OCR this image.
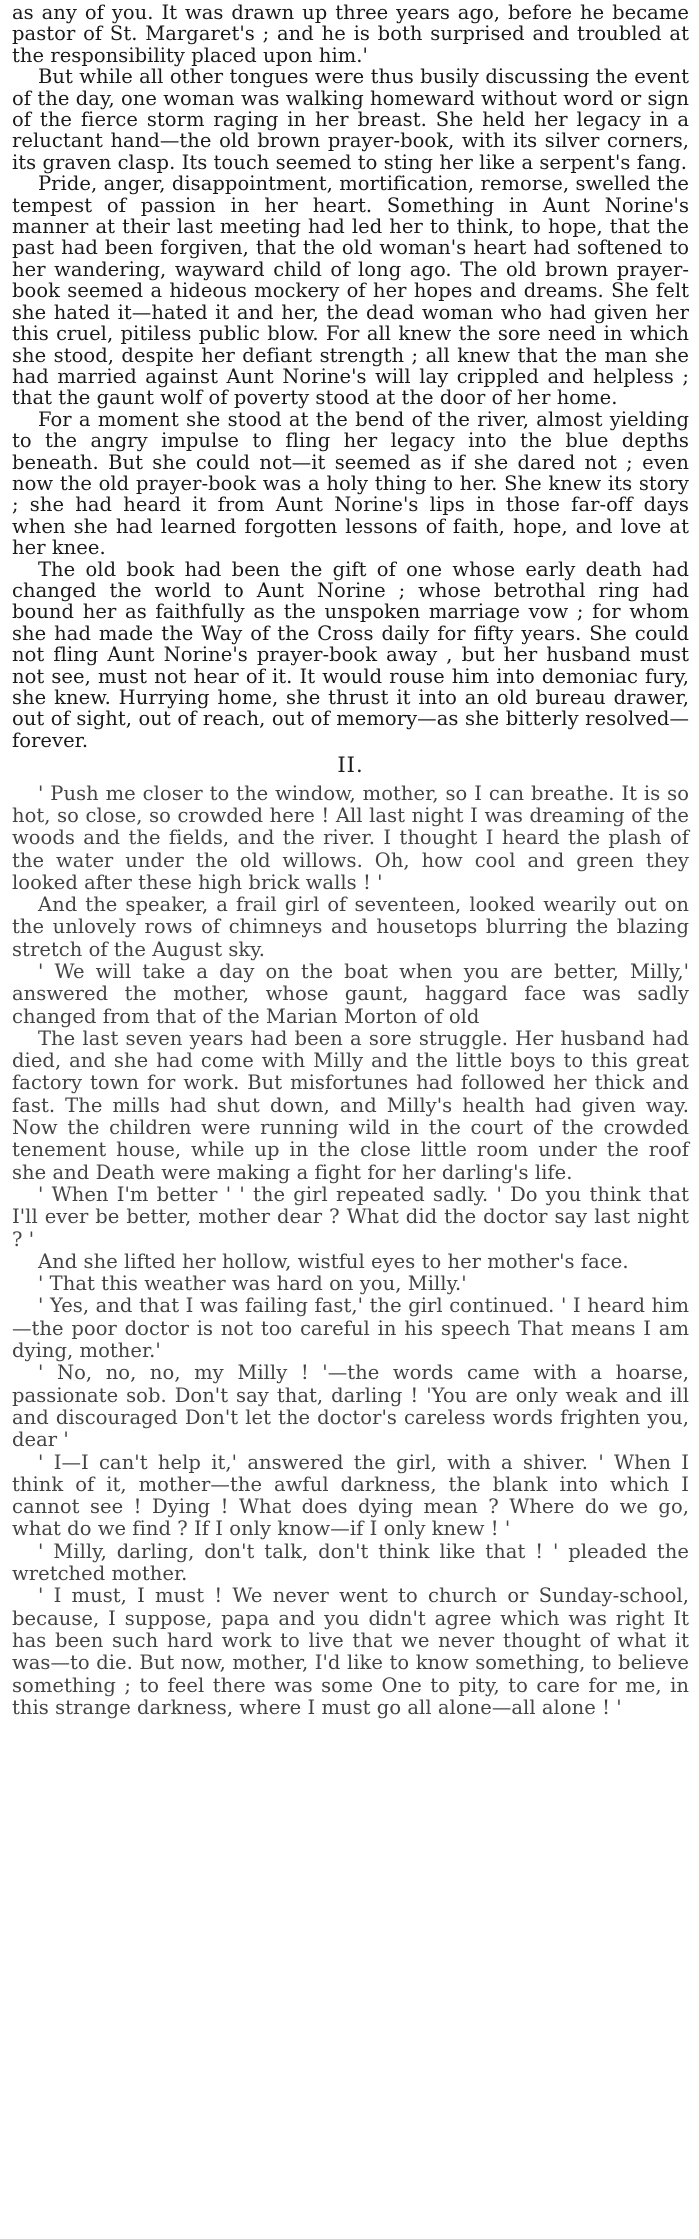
as any of you. It was drawn up three years ago, before he became pastor of St. Margaret's ; and he is both surprised and troubled at the responsibility placed upon him.'

But while all other tongues were thus busily discussing the event of the day, one woman was walking homeward without word or sign of the fierce storm raging in her breast. She held her legacy in a reluctant hand—the old brown prayer-book, with its silver corners, its graven clasp. Its touch seemed to sting her like a serpent's fang.

Pride, anger, disappointment, mortification, remorse, swelled the tempest of passion in her heart. Something in Aunt Norine's manner at their last meeting had led her to think, to hope, that the past had been forgiven, that the old woman's heart had softened to her wandering, wayward child of long ago. The old brown prayer-book seemed a hideous mockery of her hopes and dreams. She felt she hated it—hated it and her, the dead woman who had given her this cruel, pitiless public blow. For all knew the sore need in which she stood, despite her defiant strength ; all knew that the man she had married against Aunt Norine's will lay crippled and helpless ; that the gaunt wolf of poverty stood at the door of her home.

For a moment she stood at the bend of the river, almost yielding to the angry impulse to fling her legacy into the blue depths beneath. But she could not—it seemed as if she dared not ; even now the old prayer-book was a holy thing to her. She knew its story ; she had heard it from Aunt Norine's lips in those far-off days when she had learned forgotten lessons of faith, hope, and love at her knee.

The old book had been the gift of one whose early death had changed the world to Aunt Norine ; whose betrothal ring had bound her as faithfully as the unspoken marriage vow ; for whom she had made the Way of the Cross daily for fifty years. She could not fling Aunt Norine's prayer-book away , but her husband must not see, must not hear of it. It would rouse him into demoniac fury, she knew. Hurrying home, she thrust it into an old bureau drawer, out of sight, out of reach, out of memory—as she bitterly resolved—forever.

II.

' Push me closer to the window, mother, so I can breathe. It is so hot, so close, so crowded here ! All last night I was dreaming of the woods and the fields, and the river. I thought I heard the plash of the water under the old willows. Oh, how cool and green they looked after these high brick walls ! '

And the speaker, a frail girl of seventeen, looked wearily out on the unlovely rows of chimneys and housetops blurring the blazing stretch of the August sky.

' We will take a day on the boat when you are better, Milly,' answered the mother, whose gaunt, haggard face was sadly changed from that of the Marian Morton of old

The last seven years had been a sore struggle. Her husband had died, and she had come with Milly and the little boys to this great factory town for work. But misfortunes had followed her thick and fast. The mills had shut down, and Milly's health had given way. Now the children were running wild in the court of the crowded tenement house, while up in the close little room under the roof she and Death were making a fight for her darling's life.

' When I'm better ' ' the girl repeated sadly. ' Do you think that I'll ever be better, mother dear ? What did the doctor say last night ? '

And she lifted her hollow, wistful eyes to her mother's face.

' That this weather was hard on you, Milly.'

' Yes, and that I was failing fast,' the girl continued. ' I heard him—the poor doctor is not too careful in his speech That means I am dying, mother.'

' No, no, no, my Milly ! '—the words came with a hoarse, passionate sob. Don't say that, darling ! 'You are only weak and ill and discouraged Don't let the doctor's careless words frighten you, dear '

' I—I can't help it,' answered the girl, with a shiver. ' When I think of it, mother—the awful darkness, the blank into which I cannot see ! Dying ! What does dying mean ? Where do we go, what do we find ? If I only know—if I only knew ! '

' Milly, darling, don't talk, don't think like that ! ' pleaded the wretched mother.

' I must, I must ! We never went to church or Sunday-school, because, I suppose, papa and you didn't agree which was right It has been such hard work to live that we never thought of what it was—to die. But now, mother, I'd like to know something, to believe something ; to feel there was some One to pity, to care for me, in this strange darkness, where I must go all alone—all alone ! '
